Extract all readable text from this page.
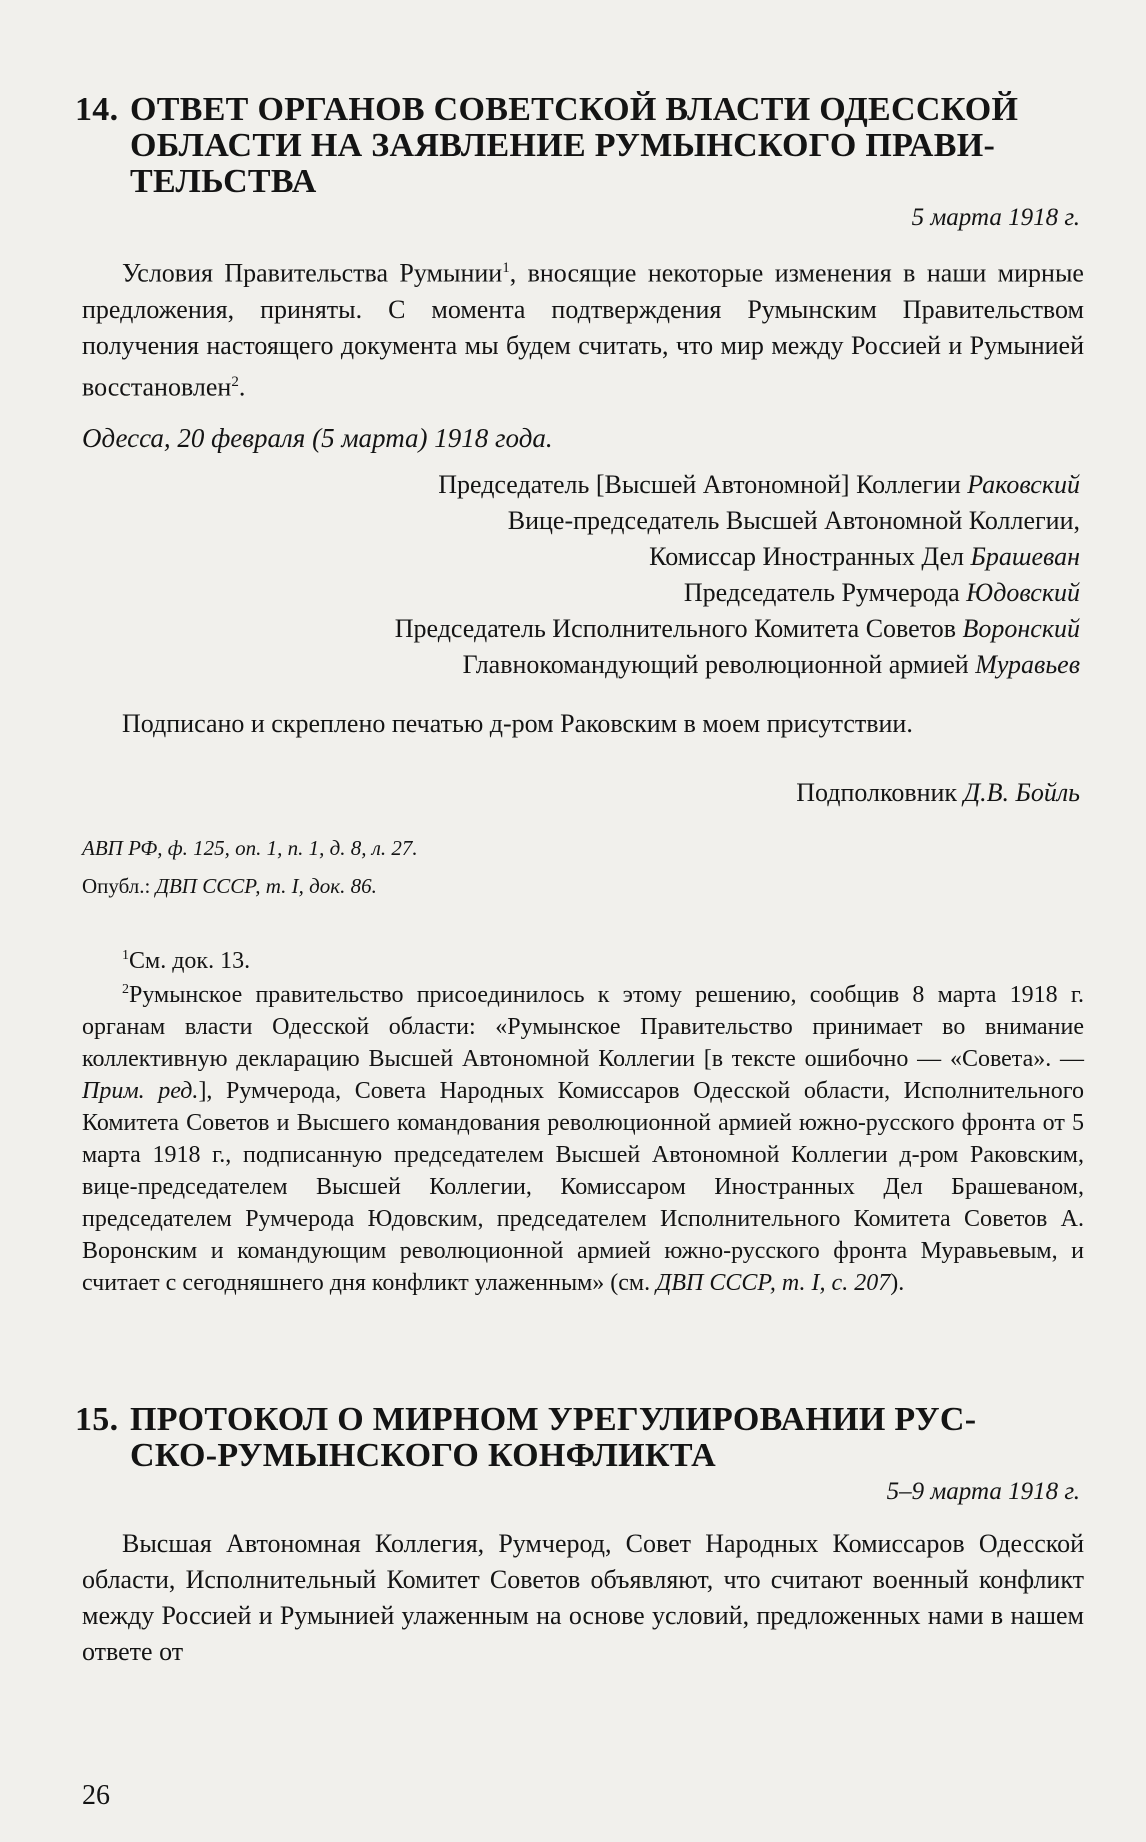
14. ОТВЕТ ОРГАНОВ СОВЕТСКОЙ ВЛАСТИ ОДЕССКОЙ
ОБЛАСТИ НА ЗАЯВЛЕНИЕ РУМЫНСКОГО ПРАВИ-
ТЕЛЬСТВА
5 марта 1918 г.

Условия Правительства Румынии$^1$, вносящие некоторые изменения в наши мирные предложения, приняты. С момента подтверждения Румынским Правительством получения настоящего документа мы будем считать, что мир между Россией и Румынией восстановлен$^2$.

Одесса, 20 февраля (5 марта) 1918 года.
Председатель [Высшей Автономной] Коллегии Раковский
Вице-председатель Высшей Автономной Коллегии,
Комиссар Иностранных Дел Брашеван
Председатель Румчерода Юдовский
Председатель Исполнительного Комитета Советов Воронский
Главнокомандующий революционной армией Муравьев

Подписано и скреплено печатью д-ром Раковским в моем присутствии.

Подполковник Д.В. Бойль
АВП РФ, ф. 125, оп. 1, п. 1, д. 8, л. 27.
Опубл.: ДВП СССР, т. I, док. 86.

$^1$См. док. 13.

$^2$Румынское правительство присоединилось к этому решению, сообщив 8 марта 1918 г. органам власти Одесской области: «Румынское Правительство принимает во внимание коллективную декларацию Высшей Автономной Коллегии [в тексте ошибочно — «Совета». — Прим. ред.], Румчерода, Совета Народных Комиссаров Одесской области, Исполнительного Комитета Советов и Высшего командования революционной армией южно-русского фронта от 5 марта 1918 г., подписанную председателем Высшей Автономной Коллегии д-ром Раковским, вице-председателем Высшей Коллегии, Комиссаром Иностранных Дел Брашеваном, председателем Румчерода Юдовским, председателем Исполнительного Комитета Советов А. Воронским и командующим революционной армией южно-русского фронта Муравьевым, и считает с сегодняшнего дня конфликт улаженным» (см. ДВП СССР, т. I, с. 207).

15. ПРОТОКОЛ О МИРНОМ УРЕГУЛИРОВАНИИ РУС-
СКО-РУМЫНСКОГО КОНФЛИКТА
5–9 марта 1918 г.

Высшая Автономная Коллегия, Румчерод, Совет Народных Комиссаров Одесской области, Исполнительный Комитет Советов объявляют, что считают военный конфликт между Россией и Румынией улаженным на основе условий, предложенных нами в нашем ответе от

26
